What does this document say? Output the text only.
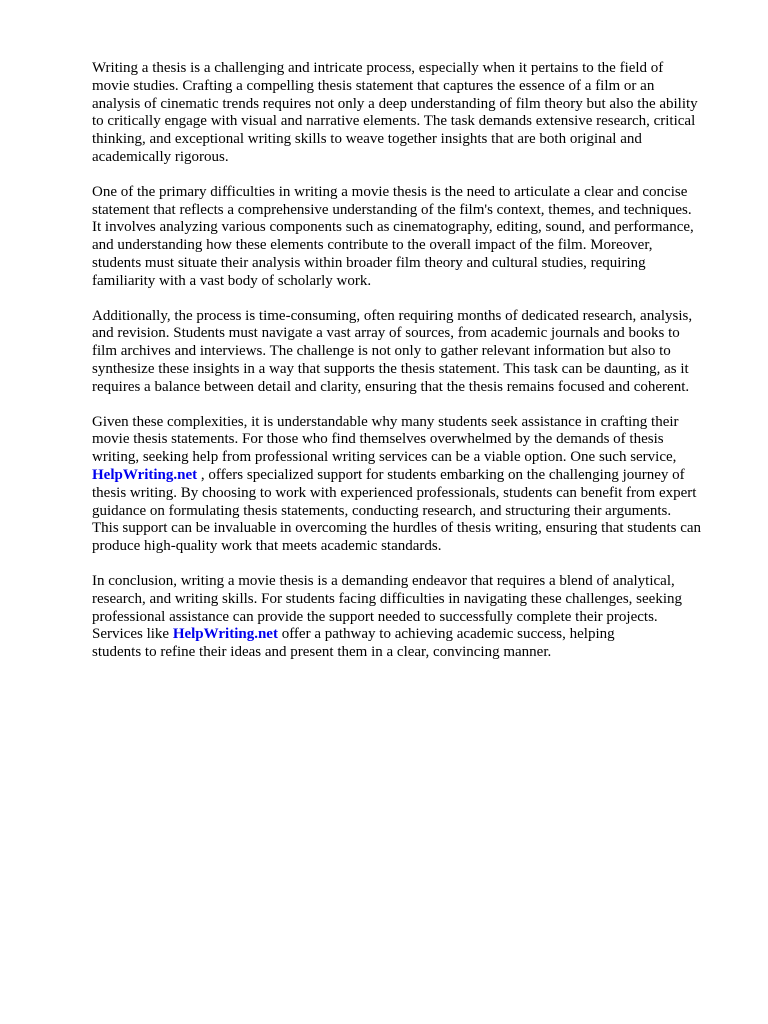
Writing a thesis is a challenging and intricate process, especially when it pertains to the field of
movie studies. Crafting a compelling thesis statement that captures the essence of a film or an
analysis of cinematic trends requires not only a deep understanding of film theory but also the ability
to critically engage with visual and narrative elements. The task demands extensive research, critical
thinking, and exceptional writing skills to weave together insights that are both original and
academically rigorous.

One of the primary difficulties in writing a movie thesis is the need to articulate a clear and concise
statement that reflects a comprehensive understanding of the film's context, themes, and techniques.
It involves analyzing various components such as cinematography, editing, sound, and performance,
and understanding how these elements contribute to the overall impact of the film. Moreover,
students must situate their analysis within broader film theory and cultural studies, requiring
familiarity with a vast body of scholarly work.

Additionally, the process is time-consuming, often requiring months of dedicated research, analysis,
and revision. Students must navigate a vast array of sources, from academic journals and books to
film archives and interviews. The challenge is not only to gather relevant information but also to
synthesize these insights in a way that supports the thesis statement. This task can be daunting, as it
requires a balance between detail and clarity, ensuring that the thesis remains focused and coherent.

Given these complexities, it is understandable why many students seek assistance in crafting their
movie thesis statements. For those who find themselves overwhelmed by the demands of thesis
writing, seeking help from professional writing services can be a viable option. One such service,
HelpWriting.net , offers specialized support for students embarking on the challenging journey of
thesis writing. By choosing to work with experienced professionals, students can benefit from expert
guidance on formulating thesis statements, conducting research, and structuring their arguments.
This support can be invaluable in overcoming the hurdles of thesis writing, ensuring that students can
produce high-quality work that meets academic standards.

In conclusion, writing a movie thesis is a demanding endeavor that requires a blend of analytical,
research, and writing skills. For students facing difficulties in navigating these challenges, seeking
professional assistance can provide the support needed to successfully complete their projects.
Services like HelpWriting.net offer a pathway to achieving academic success, helping
students to refine their ideas and present them in a clear, convincing manner.
